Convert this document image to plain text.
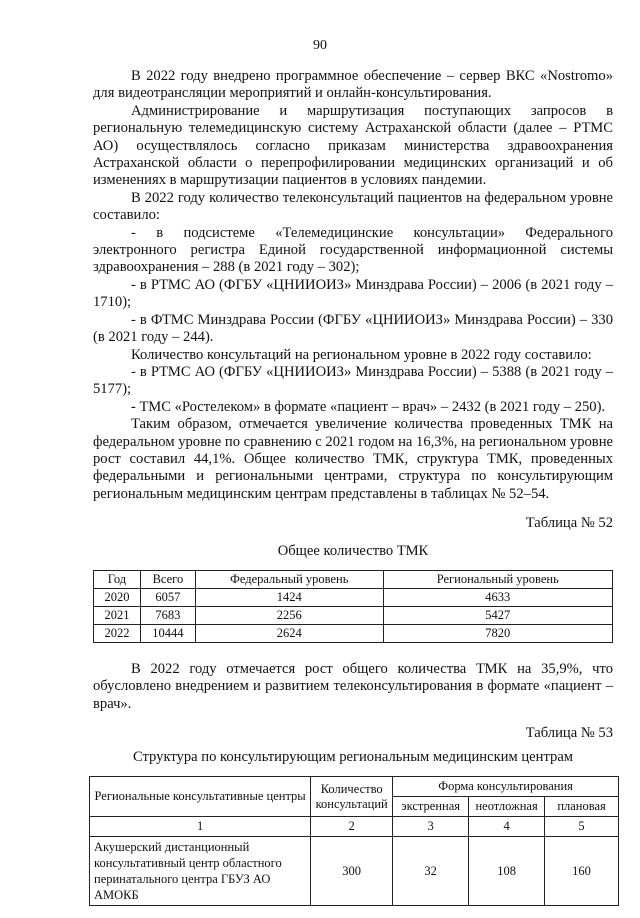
90

В 2022 году внедрено программное обеспечение – сервер ВКС «Nostromo» для видеотрансляции мероприятий и онлайн-консультирования.

Администрирование и маршрутизация поступающих запросов в региональную телемедицинскую систему Астраханской области (далее – РТМС АО) осуществлялось согласно приказам министерства здравоохранения Астраханской области о перепрофилировании медицинских организаций и об изменениях в маршрутизации пациентов в условиях пандемии.

В 2022 году количество телеконсультаций пациентов на федеральном уровне составило:

- в подсистеме «Телемедицинские консультации» Федерального электронного регистра Единой государственной информационной системы здравоохранения – 288 (в 2021 году – 302);

- в РТМС АО (ФГБУ «ЦНИИОИЗ» Минздрава России) – 2006 (в 2021 году – 1710);

- в ФТМС Минздрава России (ФГБУ «ЦНИИОИЗ» Минздрава России) – 330 (в 2021 году – 244).

Количество консультаций на региональном уровне в 2022 году составило:

- в РТМС АО (ФГБУ «ЦНИИОИЗ» Минздрава России) – 5388 (в 2021 году – 5177);

- ТМС «Ростелеком» в формате «пациент – врач» – 2432 (в 2021 году – 250).

Таким образом, отмечается увеличение количества проведенных ТМК на федеральном уровне по сравнению с 2021 годом на 16,3%, на региональном уровне рост составил 44,1%. Общее количество ТМК, структура ТМК, проведенных федеральными и региональными центрами, структура по консультирующим региональным медицинским центрам представлены в таблицах № 52–54.

Таблица № 52
Общее количество ТМК
Год	Всего	Федеральный уровень	Региональный уровень
2020	6057	1424	4633
2021	7683	2256	5427
2022	10444	2624	7820

В 2022 году отмечается рост общего количества ТМК на 35,9%, что обусловлено внедрением и развитием телеконсультирования в формате «пациент – врач».

Таблица № 53
Структура по консультирующим региональным медицинским центрам
Региональные консультативные центры	Количество консультаций	Форма консультирования		
		экстренная	неотложная	плановая
1	2	3	4	5
Акушерский дистанционный консультативный центр областного перинатального центра ГБУЗ АО АМОКБ	300	32	108	160
